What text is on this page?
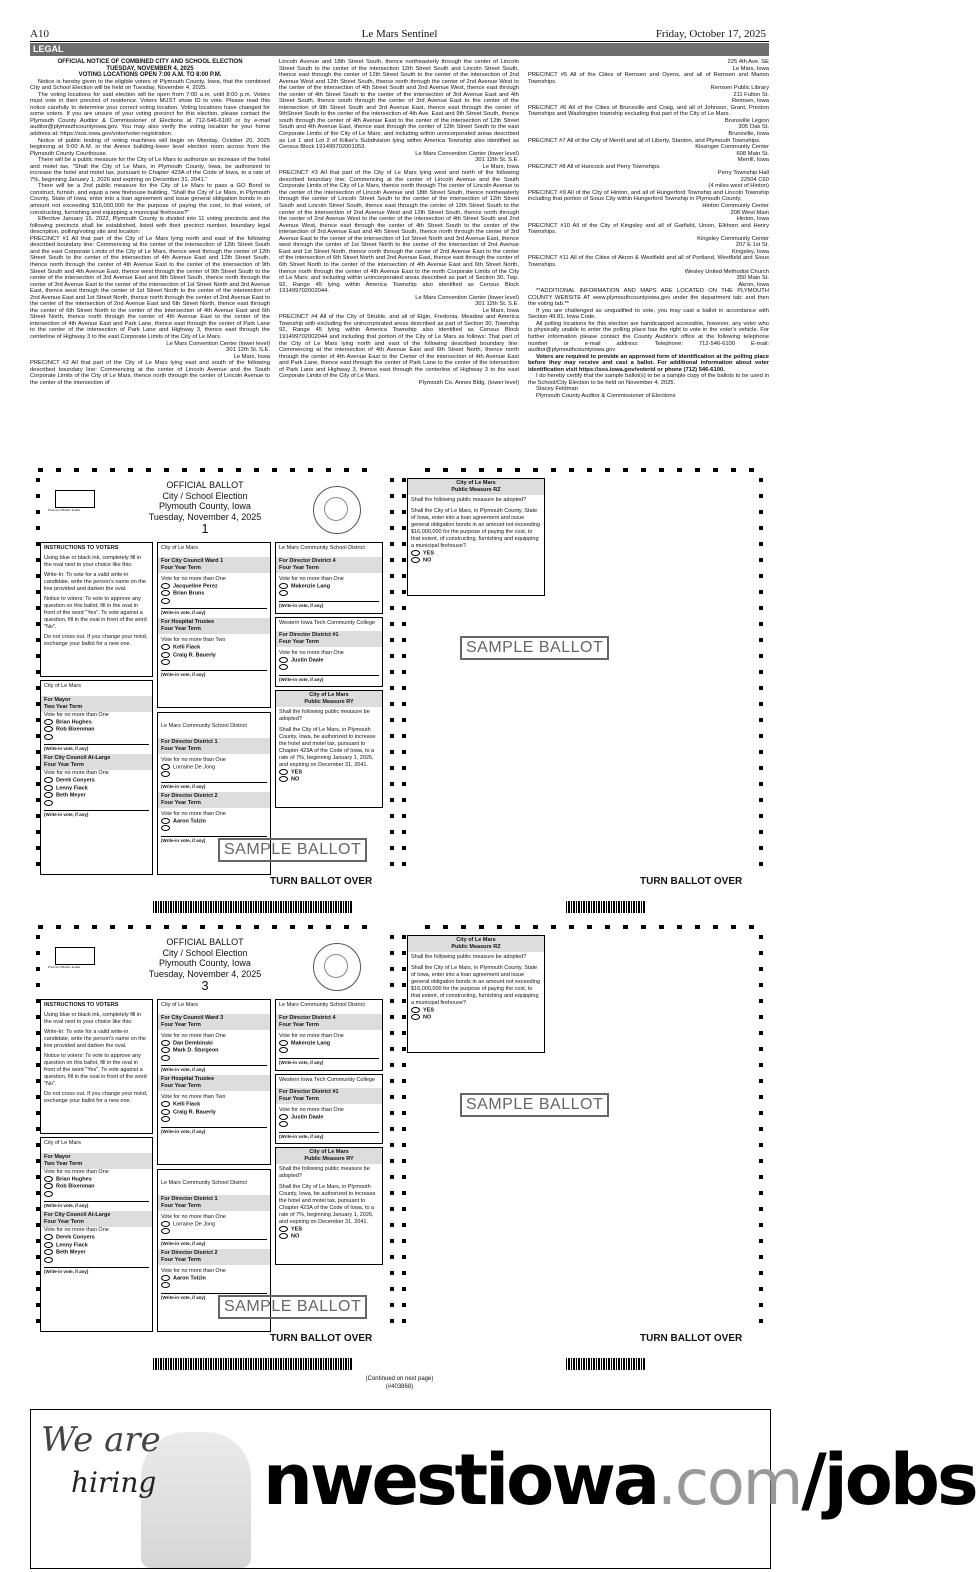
A10	Le Mars Sentinel	Friday, October 17, 2025
LEGAL

OFFICIAL NOTICE OF COMBINED CITY AND SCHOOL ELECTION

TUESDAY, NOVEMBER 4, 2025

VOTING LOCATIONS OPEN 7:00 A.M. TO 8:00 P.M.

Notice is hereby given to the eligible voters of Plymouth County, Iowa, that the combined City and School Election will be held on Tuesday, November 4, 2025.

The voting locations for said election will be open from 7:00 a.m. until 8:00 p.m. Voters must vote in their precinct of residence. Voters MUST show ID to vote. Please read this notice carefully to determine your correct voting location. Voting locations have changed for some voters. If you are unsure of your voting precinct for this election, please contact the Plymouth County Auditor & Commissioner of Elections at 712-546-6100 or by e-mail auditor@plymouthcountyiowa.gov. You may also verify the voting location for your home address at: https://sos.iowa.gov/voter/voter-registration.

Notice of public testing of voting machines will begin on Monday, October 20, 2025 beginning at 9:00 A.M. in the Annex building-lower level election room across from the Plymouth County Courthouse.

There will be a public measure for the City of Le Mars to authorize an increase of the hotel and motel tax. "Shall the City of Le Mars, in Plymouth County, Iowa, be authorized to increase the hotel and motel tax, pursuant to Chapter 423A of the Code of Iowa, to a rate of 7%, beginning January 1, 2026 and expiring on December 31, 2041."

There will be a 2nd public measure for the City of Le Mars to pass a GO Bond to construct, furnish, and equip a new firehouse building. "Shall the City of Le Mars, in Plymouth County, State of Iowa, enter into a loan agreement and issue general obligation bonds in an amount not exceeding $16,000,000 for the purpose of paying the cost, to that extent, of constructing, furnishing and equipping a municipal firehouse?"

Effective January 15, 2022, Plymouth County is divided into 11 voting precincts and the following precincts shall be established, listed with their precinct number, boundary legal description, polling/voting site and location:

PRECINCT #1 All that part of the City of Le Mars lying north and east of the following described boundary line: Commencing at the center of the intersection of 12th Street South and the east Corporate Limits of the City of Le Mars, thence west through the center of 12th Street South to the center of the intersection of 4th Avenue East and 12th Street South, thence north through the center of 4th Avenue East to the center of the intersection of 9th Street South and 4th Avenue East, thence west through the center of 9th Street South to the center of the intersection of 3rd Avenue East and 9th Street South, thence north through the center of 3rd Avenue East to the center of the intersection of 1st Street North and 3rd Avenue East, thence west through the center of 1st Street North to the center of the intersection of 2nd Avenue East and 1st Street North, thence north through the center of 2nd Avenue East to the center of the intersection of 2nd Avenue East and 6th Street North, thence east through the center of 6th Street North to the center of the intersection of 4th Avenue East and 6th Street North, thence north through the center of 4th Avenue East to the center of the intersection of 4th Avenue East and Park Lane, thence east through the center of Park Lane to the center of the intersection of Park Lane and Highway 3, thence east through the centerline of Highway 3 to the east Corporate Limits of the City of Le Mars.

Le Mars Convention Center (lower level)

301 12th St. S.E.

Le Mars, Iowa

PRECINCT #2 All that part of the City of Le Mars lying east and south of the following described boundary line: Commencing at the center of Lincoln Avenue and the South Corporate Limits of the City of Le Mars, thence north through the center of Lincoln Avenue to the center of the intersection of

Lincoln Avenue and 18th Street South, thence northeasterly through the center of Lincoln Street South to the center of the intersection 12th Street South and Lincoln Street South, thence east through the center of 12th Street South to the center of the intersection of 2nd Avenue West and 12th Street South, thence north through the center of 2nd Avenue West to the center of the intersection of 4th Street South and 2nd Avenue West, thence east through the center of 4th Street South to the center of the intersection of 3rd Avenue East and 4th Street South, thence south through the center of 3rd Avenue East to the center of the intersection of 9th Street South and 3rd Avenue East, thence east through the center of 9thStreet South to the center of the intersection of 4th Ave. East and 9th Street South, thence south through the center of 4th Avenue East to the center of the intersection of 12th Street South and 4th Avenue East, thence east through the center of 12th Street South to the east Corporate Limits of the City of Le Mars; and including within unincorporated areas described as Lot 1 and Lot 2 of Kilker's Subdivision lying within America Township also identified as Census Block 191499702001053.

Le Mars Convention Center (lower level)

301 12th St. S.E.

Le Mars, Iowa

PRECINCT #3 All that part of the City of Le Mars lying west and north of the following described boundary line: Commencing at the center of Lincoln Avenue and the South Corporate Limits of the City of Le Mars, thence north through The center of Lincoln Avenue to the center of the intersection of Lincoln Avenue and 18th Street South, thence northeasterly through the center of Lincoln Street South to the center of the intersection of 12th Street South and Lincoln Street South, thence east through the center of 12th Street South to the center of the intersection of 2nd Avenue West and 12th Street South, thence north through the center of 2nd Avenue West to the center of the intersection of 4th Street South and 2nd Avenue West, thence east through the center of 4th Street South to the center of the intersection of 3rd Avenue East and 4th Street South, thence north through the center of 3rd Avenue East to the center of the intersection of 1st Street North and 3rd Avenue East, thence west through the center of 1st Street North to the center of the intersection of 2nd Avenue East and 1st Street North, thence north through the center of 2nd Avenue East to the center of the intersection of 6th Street North and 2nd Avenue East, thence east through the center of 6th Street North to the center of the intersection of 4th Avenue East and 6th Street North, thence north through the center of 4th Avenue East to the north Corporate Limits of the City of Le Mars; and including within unincorporated areas described as part of Section 30, Twp. 92, Range 45 lying within America Township also identified as Census Block 191499702002044.

Le Mars Convention Center (lower level)

301 12th St. S.E.

Le Mars, Iowa

PRECINCT #4 All of the City of Struble, and all of Elgin, Fredonia, Meadow and America Township with excluding the unincorporated areas described as part of Section 30, Township 92, Range 45 lying within America Township also identified as Census Block 191499702002044 and including that portion of the City of Le Mars as follows: That part of the City of Le Mars lying north and east of the following described boundary line: Commencing at the intersection of 4th Avenue East and 6th Street North, thence north through the center of 4th Avenue East to the Center of the intersection of 4th Avenue East and Park Lane, thence east through the center of Park Lane to the center of the intersection of Park Lane and Highway 3, thence east through the centerline of Highway 3 to the east Corporate Limits of the City of Le Mars.

Plymouth Co. Annex Bldg. (lower level)

225 4th Ave. SE

Le Mars, Iowa

PRECINCT #5 All of the Cities of Remsen and Oyens, and all of Remsen and Marion Townships.

Remsen Public Library

211 Fulton St.

Remsen, Iowa

PRECINCT #6 All of the Cities of Brunsville and Craig, and all of Johnson, Grant, Preston Townships and Washington township excluding that part of the City of Le Mars.

Brunsville Legion

305 Oak St.

Brunsville, Iowa

PRECINCT #7 All of the City of Merrill and all of Liberty, Stanton, and Plymouth Townships.

Kissinger Community Center

608 Main St.

Merrill, Iowa

PRECINCT #8 All of Hancock and Perry Townships.

Perry Township Hall

22504 C60

(4 miles west of Hinton)

PRECINCT #9 All of the City of Hinton, and all of Hungerford Township and Lincoln Township including that portion of Sioux City within Hungerford Township in Plymouth County.

Hinton Community Center

208 West Main

Hinton, Iowa

PRECINCT #10 All of the City of Kingsley and all of Garfield, Union, Elkhorn and Henry Townships.

Kingsley Community Center

207 E 1st St.

Kingsley, Iowa

PRECINCT #11 All of the Cities of Akron & Westfield and all of Portland, Westfield and Sioux Townships.

Wesley United Methodist Church

350 Main St.

Akron, Iowa

**ADDITIONAL INFORMATION AND MAPS ARE LOCATED ON THE PLYMOUTH COUNTY WEBSITE AT www.plymouthcountyiowa.gov under the department tab; and then the voting tab.**

If you are challenged as unqualified to vote, you may cast a ballot in accordance with Section 49.81, Iowa Code.

All polling locations for this election are handicapped accessible, however, any voter who is physically unable to enter the polling place has the right to vote in the voter's vehicle. For further information please contact the County Auditor's office at the following telephone number or e-mail address: Telephone: 712-546-6100 E-mail: auditor@plymouthcountyiowa.gov

Voters are required to provide an approved form of identification at the polling place before they may receive and cast a ballot. For additional information about voter identification visit https://sos.iowa.gov/voterid or phone (712) 546-6100.

I do hereby certify that the sample ballot(s) to be a sample copy of the ballots to be used in the School/City Election to be held on November 4, 2025.

Stacey Feldman

Plymouth County Auditor & Commissioner of Elections

Precinct Official's Initials
OFFICIAL BALLOT
City / School Election
Plymouth County, Iowa
Tuesday, November 4, 2025
1
INSTRUCTIONS TO VOTERS
Using blue or black ink, completely fill in the oval next to your choice like this:
Write-In: To vote for a valid write-in candidate, write the person's name on the line provided and darken the oval.
Notice to voters: To vote to approve any question on this ballot, fill in the oval in front of the word "Yes". To vote against a question, fill in the oval in front of the word "No".
Do not cross out. If you change your mind, exchange your ballot for a new one.
City of Le Mars
For Mayor
Two Year Term
Vote for no more than One
Brian Hughes
Rob Bixenman
(Write-in vote, if any)
For City Council At-Large
Four Year Term
Vote for no more than One
Derek Conyers
Lenny Fiack
Beth Meyer
(Write-in vote, if any)
City of Le Mars
For City Council Ward 1
Four Year Term
Vote for no more than One
Jacqueline Perez
Brian Bruns
(Write-in vote, if any)
For Hospital Trustee
Four Year Term
Vote for no more than Two
Kelli Fiack
Craig R. Bauerly
(Write-in vote, if any)
Le Mars Community School District
For Director District 1
Four Year Term
Vote for no more than One
Lorraine De Jong
(Write-in vote, if any)
For Director District 2
Four Year Term
Vote for no more than One
Aaron Tolzin
(Write-in vote, if any)
Le Mars Community School District
For Director District 4
Four Year Term
Vote for no more than One
Makenzie Lang
(Write-in vote, if any)
Western Iowa Tech Community College
For Director District #1
Four Year Term
Vote for no more than One
Justin Daale
(Write-in vote, if any)
City of Le Mars
Public Measure RY
Shall the following public measure be adopted?
Shall the City of Le Mars, in Plymouth County, Iowa, be authorized to increase the hotel and motel tax, pursuant to Chapter 423A of the Code of Iowa, to a rate of 7%, beginning January 1, 2026, and expiring on December 31, 2041.
YES
NO
City of Le Mars
Public Measure RZ
Shall the following public measure be adopted?
Shall the City of Le Mars, in Plymouth County, State of Iowa, enter into a loan agreement and issue general obligation bonds in an amount not exceeding $16,000,000 for the purpose of paying the cost, to that extent, of constructing, furnishing and equipping a municipal firehouse?
YES
NO
SAMPLE BALLOT
SAMPLE BALLOT
TURN BALLOT OVER	TURN BALLOT OVER
Precinct Official's Initials
OFFICIAL BALLOT
City / School Election
Plymouth County, Iowa
Tuesday, November 4, 2025
3
INSTRUCTIONS TO VOTERS
Using blue or black ink, completely fill in the oval next to your choice like this:
Write-In: To vote for a valid write-in candidate, write the person's name on the line provided and darken the oval.
Notice to voters: To vote to approve any question on this ballot, fill in the oval in front of the word "Yes". To vote against a question, fill in the oval in front of the word "No".
Do not cross out. If you change your mind, exchange your ballot for a new one.
City of Le Mars
For Mayor
Two Year Term
Vote for no more than One
Brian Hughes
Rob Bixenman
(Write-in vote, if any)
For City Council At-Large
Four Year Term
Vote for no more than One
Derek Conyers
Lenny Fiack
Beth Meyer
(Write-in vote, if any)
City of Le Mars
For City Council Ward 3
Four Year Term
Vote for no more than One
Dan Dembinski
Mark D. Sturgeon
(Write-in vote, if any)
For Hospital Trustee
Four Year Term
Vote for no more than Two
Kelli Fiack
Craig R. Bauerly
(Write-in vote, if any)
Le Mars Community School District
For Director District 1
Four Year Term
Vote for no more than One
Lorraine De Jong
(Write-in vote, if any)
For Director District 2
Four Year Term
Vote for no more than One
Aaron Tolzin
(Write-in vote, if any)
Le Mars Community School District
For Director District 4
Four Year Term
Vote for no more than One
Makenzie Lang
(Write-in vote, if any)
Western Iowa Tech Community College
For Director District #1
Four Year Term
Vote for no more than One
Justin Daale
(Write-in vote, if any)
City of Le Mars
Public Measure RY
Shall the following public measure be adopted?
Shall the City of Le Mars, in Plymouth County, Iowa, be authorized to increase the hotel and motel tax, pursuant to Chapter 423A of the Code of Iowa, to a rate of 7%, beginning January 1, 2026, and expiring on December 31, 2041.
YES
NO
City of Le Mars
Public Measure RZ
Shall the following public measure be adopted?
Shall the City of Le Mars, in Plymouth County, State of Iowa, enter into a loan agreement and issue general obligation bonds in an amount not exceeding $16,000,000 for the purpose of paying the cost, to that extent, of constructing, furnishing and equipping a municipal firehouse?
YES
NO
SAMPLE BALLOT
SAMPLE BALLOT
TURN BALLOT OVER	TURN BALLOT OVER
(Continued on next page)
(#403868)
We are
hiring nwestiowa.com/jobs
